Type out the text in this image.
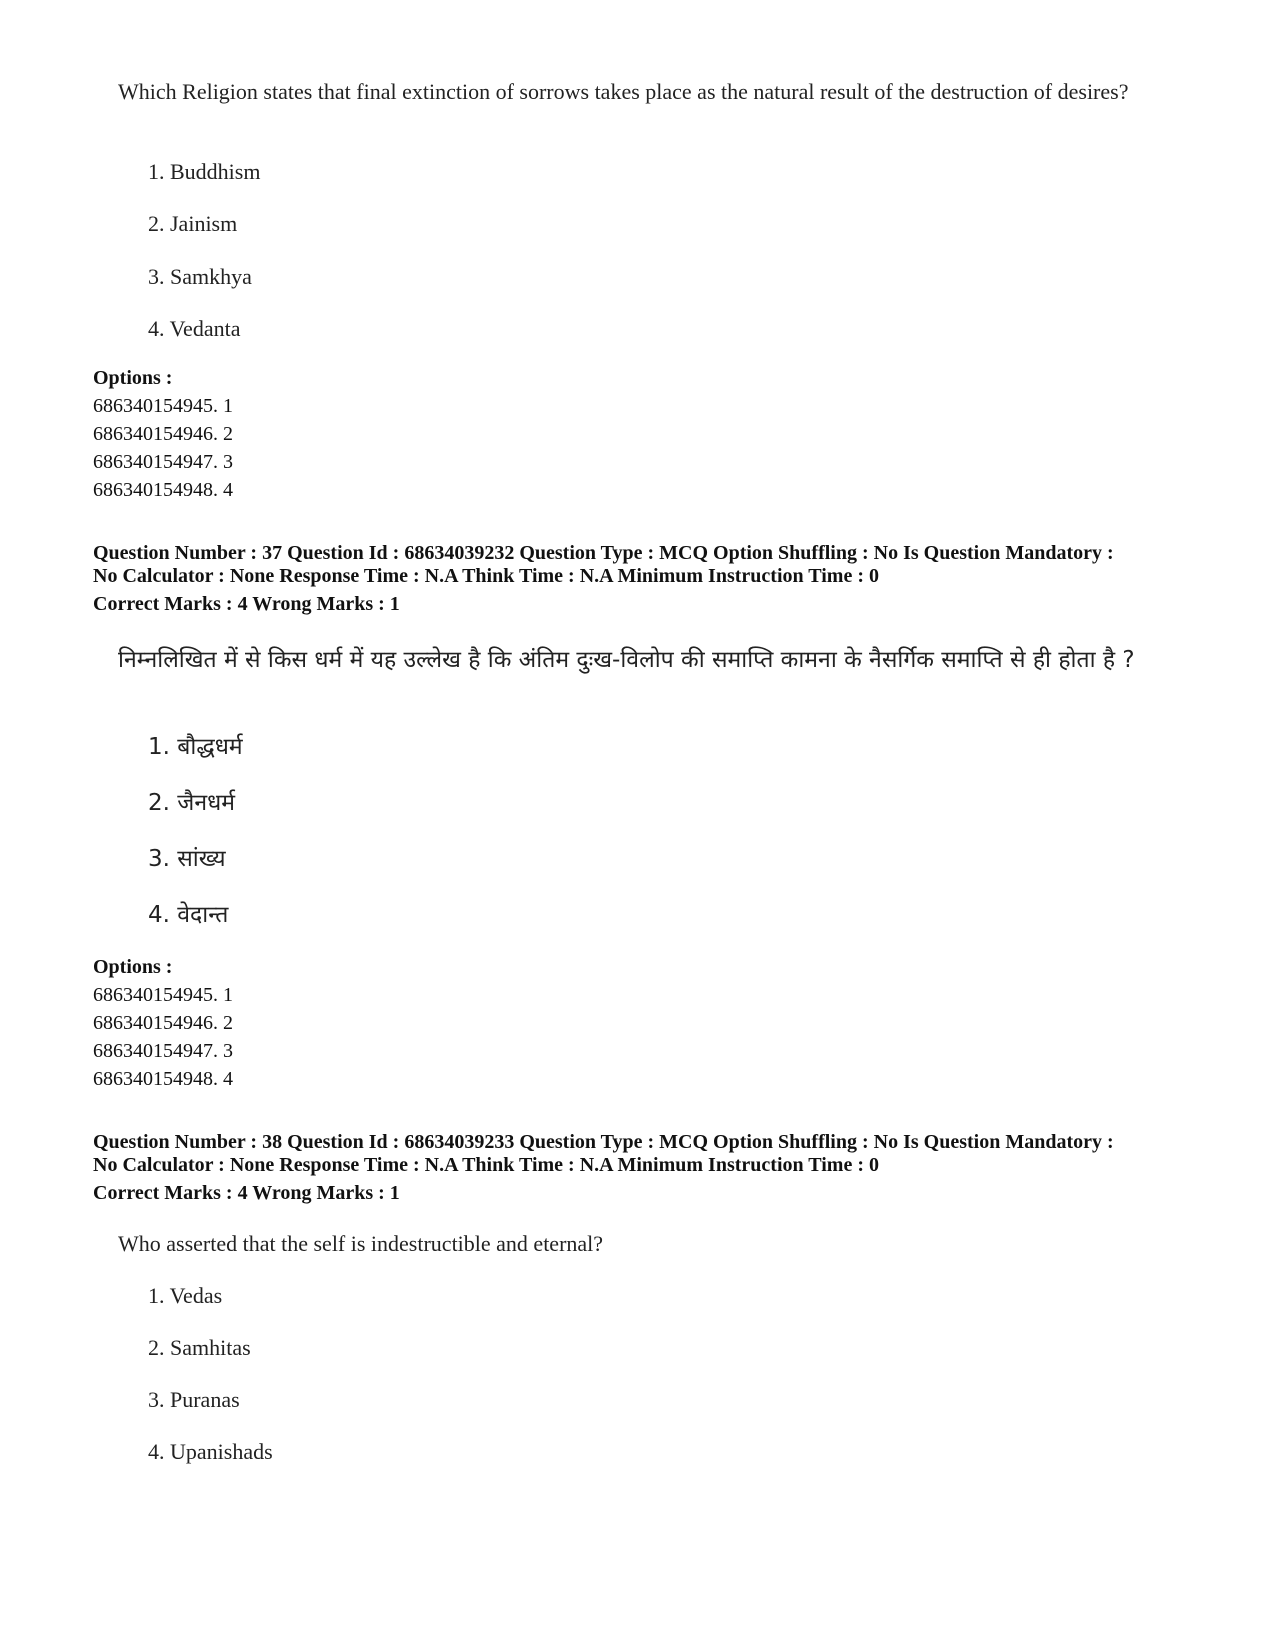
Which Religion states that final extinction of sorrows takes place as the natural result of the destruction of desires?
1. Buddhism
2. Jainism
3. Samkhya
4. Vedanta
Options :
686340154945. 1
686340154946. 2
686340154947. 3
686340154948. 4
Question Number : 37 Question Id : 68634039232 Question Type : MCQ Option Shuffling : No Is Question Mandatory :
No Calculator : None Response Time : N.A Think Time : N.A Minimum Instruction Time : 0
Correct Marks : 4 Wrong Marks : 1
निम्नलिखित में से किस धर्म में यह उल्लेख है कि अंतिम दुःख-विलोप की समाप्ति कामना के नैसर्गिक समाप्ति से ही होता है ?
1. बौद्धधर्म
2. जैनधर्म
3. सांख्य
4. वेदान्त
Options :
686340154945. 1
686340154946. 2
686340154947. 3
686340154948. 4
Question Number : 38 Question Id : 68634039233 Question Type : MCQ Option Shuffling : No Is Question Mandatory :
No Calculator : None Response Time : N.A Think Time : N.A Minimum Instruction Time : 0
Correct Marks : 4 Wrong Marks : 1
Who asserted that the self is indestructible and eternal?
1. Vedas
2. Samhitas
3. Puranas
4. Upanishads
